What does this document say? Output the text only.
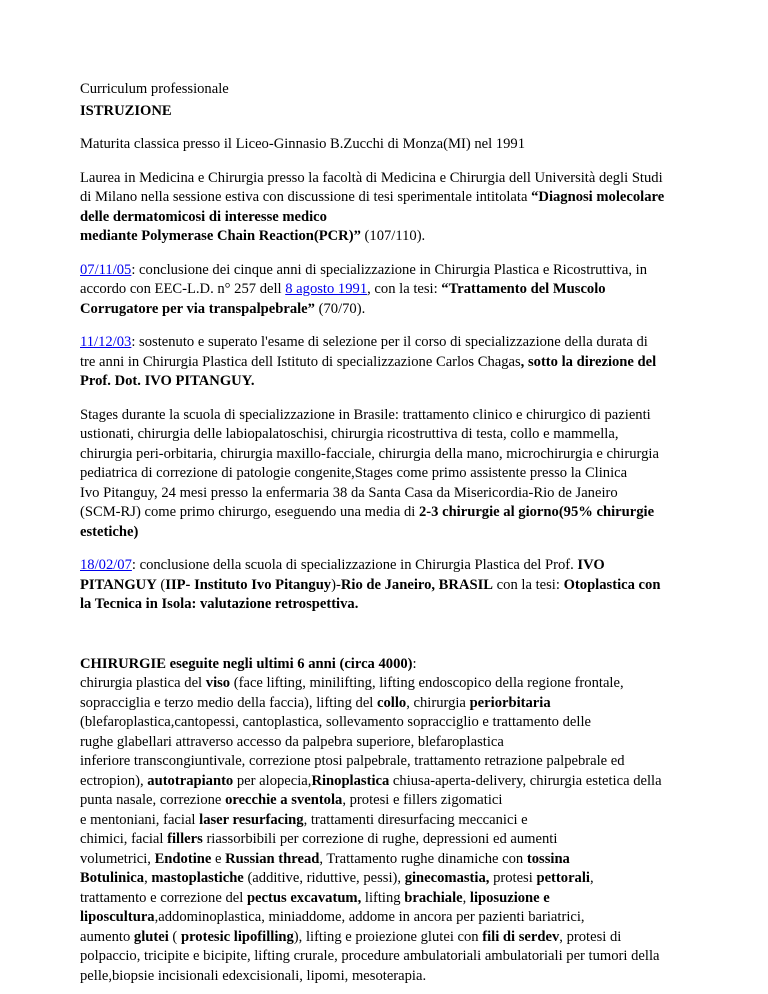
Curriculum professionale

ISTRUZIONE

Maturita classica presso il Liceo-Ginnasio B.Zucchi di Monza(MI) nel 1991

Laurea in Medicina e Chirurgia presso la facoltà di Medicina e Chirurgia dell Università degli Studi
di Milano nella sessione estiva con discussione di tesi sperimentale intitolata “Diagnosi molecolare
delle dermatomicosi di interesse medico
mediante Polymerase Chain Reaction(PCR)” (107/110).

07/11/05: conclusione dei cinque anni di specializzazione in Chirurgia Plastica e Ricostruttiva, in
accordo con EEC-L.D. n° 257 dell 8 agosto 1991, con la tesi: “Trattamento del Muscolo
Corrugatore per via transpalpebrale” (70/70).

11/12/03: sostenuto e superato l'esame di selezione per il corso di specializzazione della durata di
tre anni in Chirurgia Plastica dell Istituto di specializzazione Carlos Chagas, sotto la direzione del
Prof. Dot. IVO PITANGUY.

Stages durante la scuola di specializzazione in Brasile: trattamento clinico e chirurgico di pazienti
ustionati, chirurgia delle labiopalatoschisi, chirurgia ricostruttiva di testa, collo e mammella,
chirurgia peri-orbitaria, chirurgia maxillo-facciale, chirurgia della mano, microchirurgia e chirurgia
pediatrica di correzione di patologie congenite,Stages come primo assistente presso la Clinica
Ivo Pitanguy, 24 mesi presso la enfermaria 38 da Santa Casa da Misericordia-Rio de Janeiro
(SCM-RJ) come primo chirurgo, eseguendo una media di 2-3 chirurgie al giorno(95% chirurgie
estetiche)

18/02/07: conclusione della scuola di specializzazione in Chirurgia Plastica del Prof. IVO
PITANGUY (IIP- Instituto Ivo Pitanguy)-Rio de Janeiro, BRASIL con la tesi: Otoplastica con
la Tecnica in Isola: valutazione retrospettiva.

CHIRURGIE eseguite negli ultimi 6 anni (circa 4000):
chirurgia plastica del viso (face lifting, minilifting, lifting endoscopico della regione frontale,
sopracciglia e terzo medio della faccia), lifting del collo, chirurgia periorbitaria
(blefaroplastica,cantopessi, cantoplastica, sollevamento sopracciglio e trattamento delle
rughe glabellari attraverso accesso da palpebra superiore, blefaroplastica
inferiore transcongiuntivale, correzione ptosi palpebrale, trattamento retrazione palpebrale ed
ectropion), autotrapianto per alopecia,Rinoplastica chiusa-aperta-delivery, chirurgia estetica della
punta nasale, correzione orecchie a sventola, protesi e fillers zigomatici
e mentoniani, facial laser resurfacing, trattamenti diresurfacing meccanici e
chimici, facial fillers riassorbibili per correzione di rughe, depressioni ed aumenti
volumetrici, Endotine e Russian thread, Trattamento rughe dinamiche con tossina
Botulinica, mastoplastiche (additive, riduttive, pessi), ginecomastia, protesi pettorali,
trattamento e correzione del pectus excavatum, lifting brachiale, liposuzione e
liposcultura,addominoplastica, miniaddome, addome in ancora per pazienti bariatrici,
aumento glutei ( protesic lipofilling), lifting e proiezione glutei con fili di serdev, protesi di
polpaccio, tricipite e bicipite, lifting crurale, procedure ambulatoriali ambulatoriali per tumori della
pelle,biopsie incisionali edexcisionali, lipomi, mesoterapia.
